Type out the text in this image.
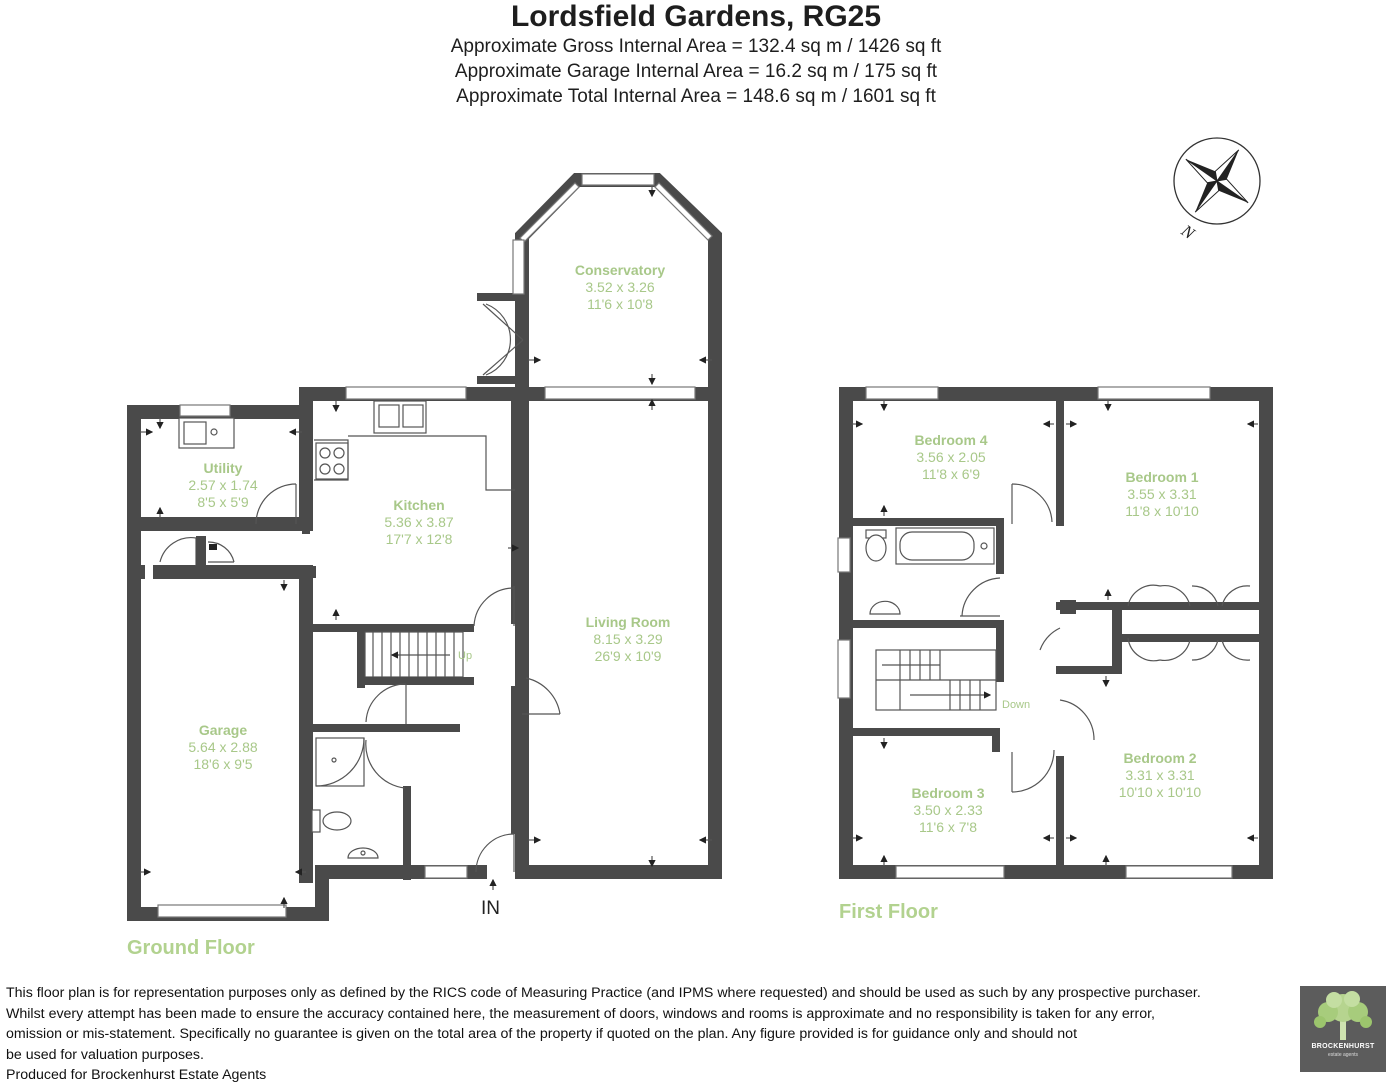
Lordsfield Gardens, RG25
Approximate Gross Internal Area = 132.4 sq m / 1426 sq ft
Approximate Garage Internal Area = 16.2 sq m / 175 sq ft
Approximate Total Internal Area = 148.6 sq m / 1601 sq ft
N
Up
Conservatory
3.52 x 3.26
11'6 x 10'8
Utility
2.57 x 1.74
8'5 x 5'9	Kitchen
5.36 x 3.87
17'7 x 12'8
Living Room
8.15 x 3.29
26'9 x 10'9
Garage
5.64 x 2.88
18'6 x 9'5
Down
Bedroom 4
3.56 x 2.05
11'8 x 6'9	Bedroom 1
3.55 x 3.31
11'8 x 10'10
Bedroom 2
3.31 x 3.31
10'10 x 10'10
Bedroom 3
3.50 x 2.33
11'6 x 7'8
IN
Ground Floor
First Floor

This floor plan is for representation purposes only as defined by the RICS code of Measuring Practice (and IPMS where requested) and should be used as such by any prospective purchaser.

Whilst every attempt has been made to ensure the accuracy contained here, the measurement of doors, windows and rooms is approximate and no responsibility is taken for any error,

omission or mis-statement. Specifically no guarantee is given on the total area of the property if quoted on the plan. Any figure provided is for guidance only and should not

be used for valuation purposes.

Produced for Brockenhurst Estate Agents

BROCKENHURST
estate agents
